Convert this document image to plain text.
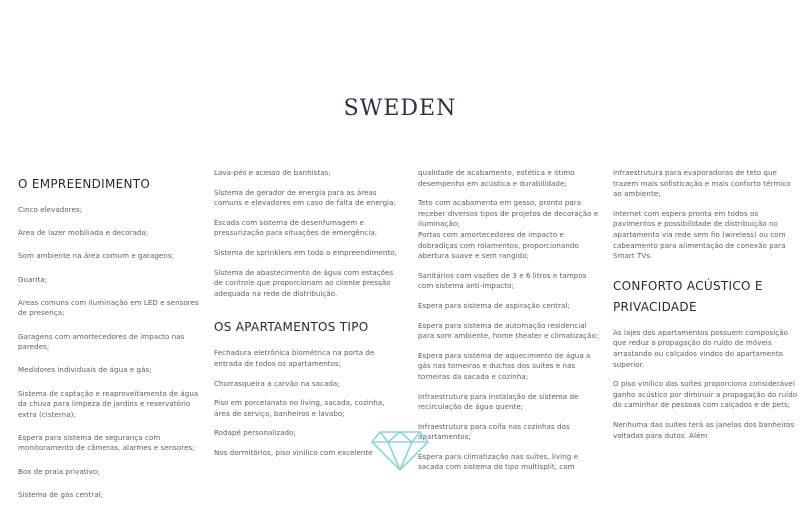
SWEDEN
O EMPREENDIMENTO
Cinco elevadores;
Área de lazer mobiliada e decorada;
Som ambiente na área comum e garagens;
Guarita;
Áreas comuns com iluminação em LED e sensores de presença;
Garagens com amortecedores de impacto nas paredes;
Medidores individuais de água e gás;
Sistema de captação e reaproveitamento de água da chuva para limpeza de jardins e reservatório extra (cisterna);
Espera para sistema de segurança com monitoramento de câmeras, alarmes e sensores;
Box de praia privativo;
Sistema de gás central;
Lava-pés e acesso de banhistas;
Sistema de gerador de energia para as áreas comuns e elevadores em caso de falta de energia;
Escada com sistema de desenfumagem e pressurização para situações de emergência;
Sistema de sprinklers em todo o empreendimento;
Sistema de abastecimento de água com estações de controle que proporcionam ao cliente pressão adequada na rede de distribuição.
OS APARTAMENTOS TIPO
Fechadura eletrônica biométrica na porta de entrada de todos os apartamentos;
Churrasqueira a carvão na sacada;
Piso em porcelanato no living, sacada, cozinha, área de serviço, banheiros e lavabo;
Rodapé personalizado;
Nos dormitórios, piso vinílico com excelente
qualidade de acabamento, estética e ótimo desempenho em acústica e durabilidade;
Teto com acabamento em gesso, pronto para receber diversos tipos de projetos de decoração e iluminação;
Portas com amortecedores de impacto e dobradiças com rolamentos, proporcionando abertura suave e sem rangido;
Sanitários com vazões de 3 e 6 litros e tampos com sistema anti-impacto;
Espera para sistema de aspiração central;
Espera para sistema de automação residencial para som ambiente, home theater e climatização;
Espera para sistema de aquecimento de água a gás nas torneiras e duchas dos suítes e nas torneiras da sacada e cozinha;
Infraestrutura para instalação de sistema de recirculação de água quente;
Infraestrutura para coifa nas cozinhas dos apartamentos;
Espera para climatização nas suítes, living e sacada com sistema do tipo multisplit, com
infraestrutura para evaporadoras de teto que trazem mais sofisticação e mais conforto térmico ao ambiente;
Internet com espera pronta em todos os pavimentos e possibilidade de distribuição no apartamento via rede sem fio (wireless) ou com cabeamento para alimentação de conexão para Smart TVs.
CONFORTO ACÚSTICO E PRIVACIDADE
As lajes dos apartamentos possuem composição que reduz a propagação do ruído de móveis arrastando ou calçados vindos do apartamento superior.
O piso vinílico das suítes proporciona considerável ganho acústico por diminuir a propagação do ruído do caminhar de pessoas com calçados e de pets;
Nenhuma das suítes terá as janelas dos banheiros voltadas para dutos. Além
